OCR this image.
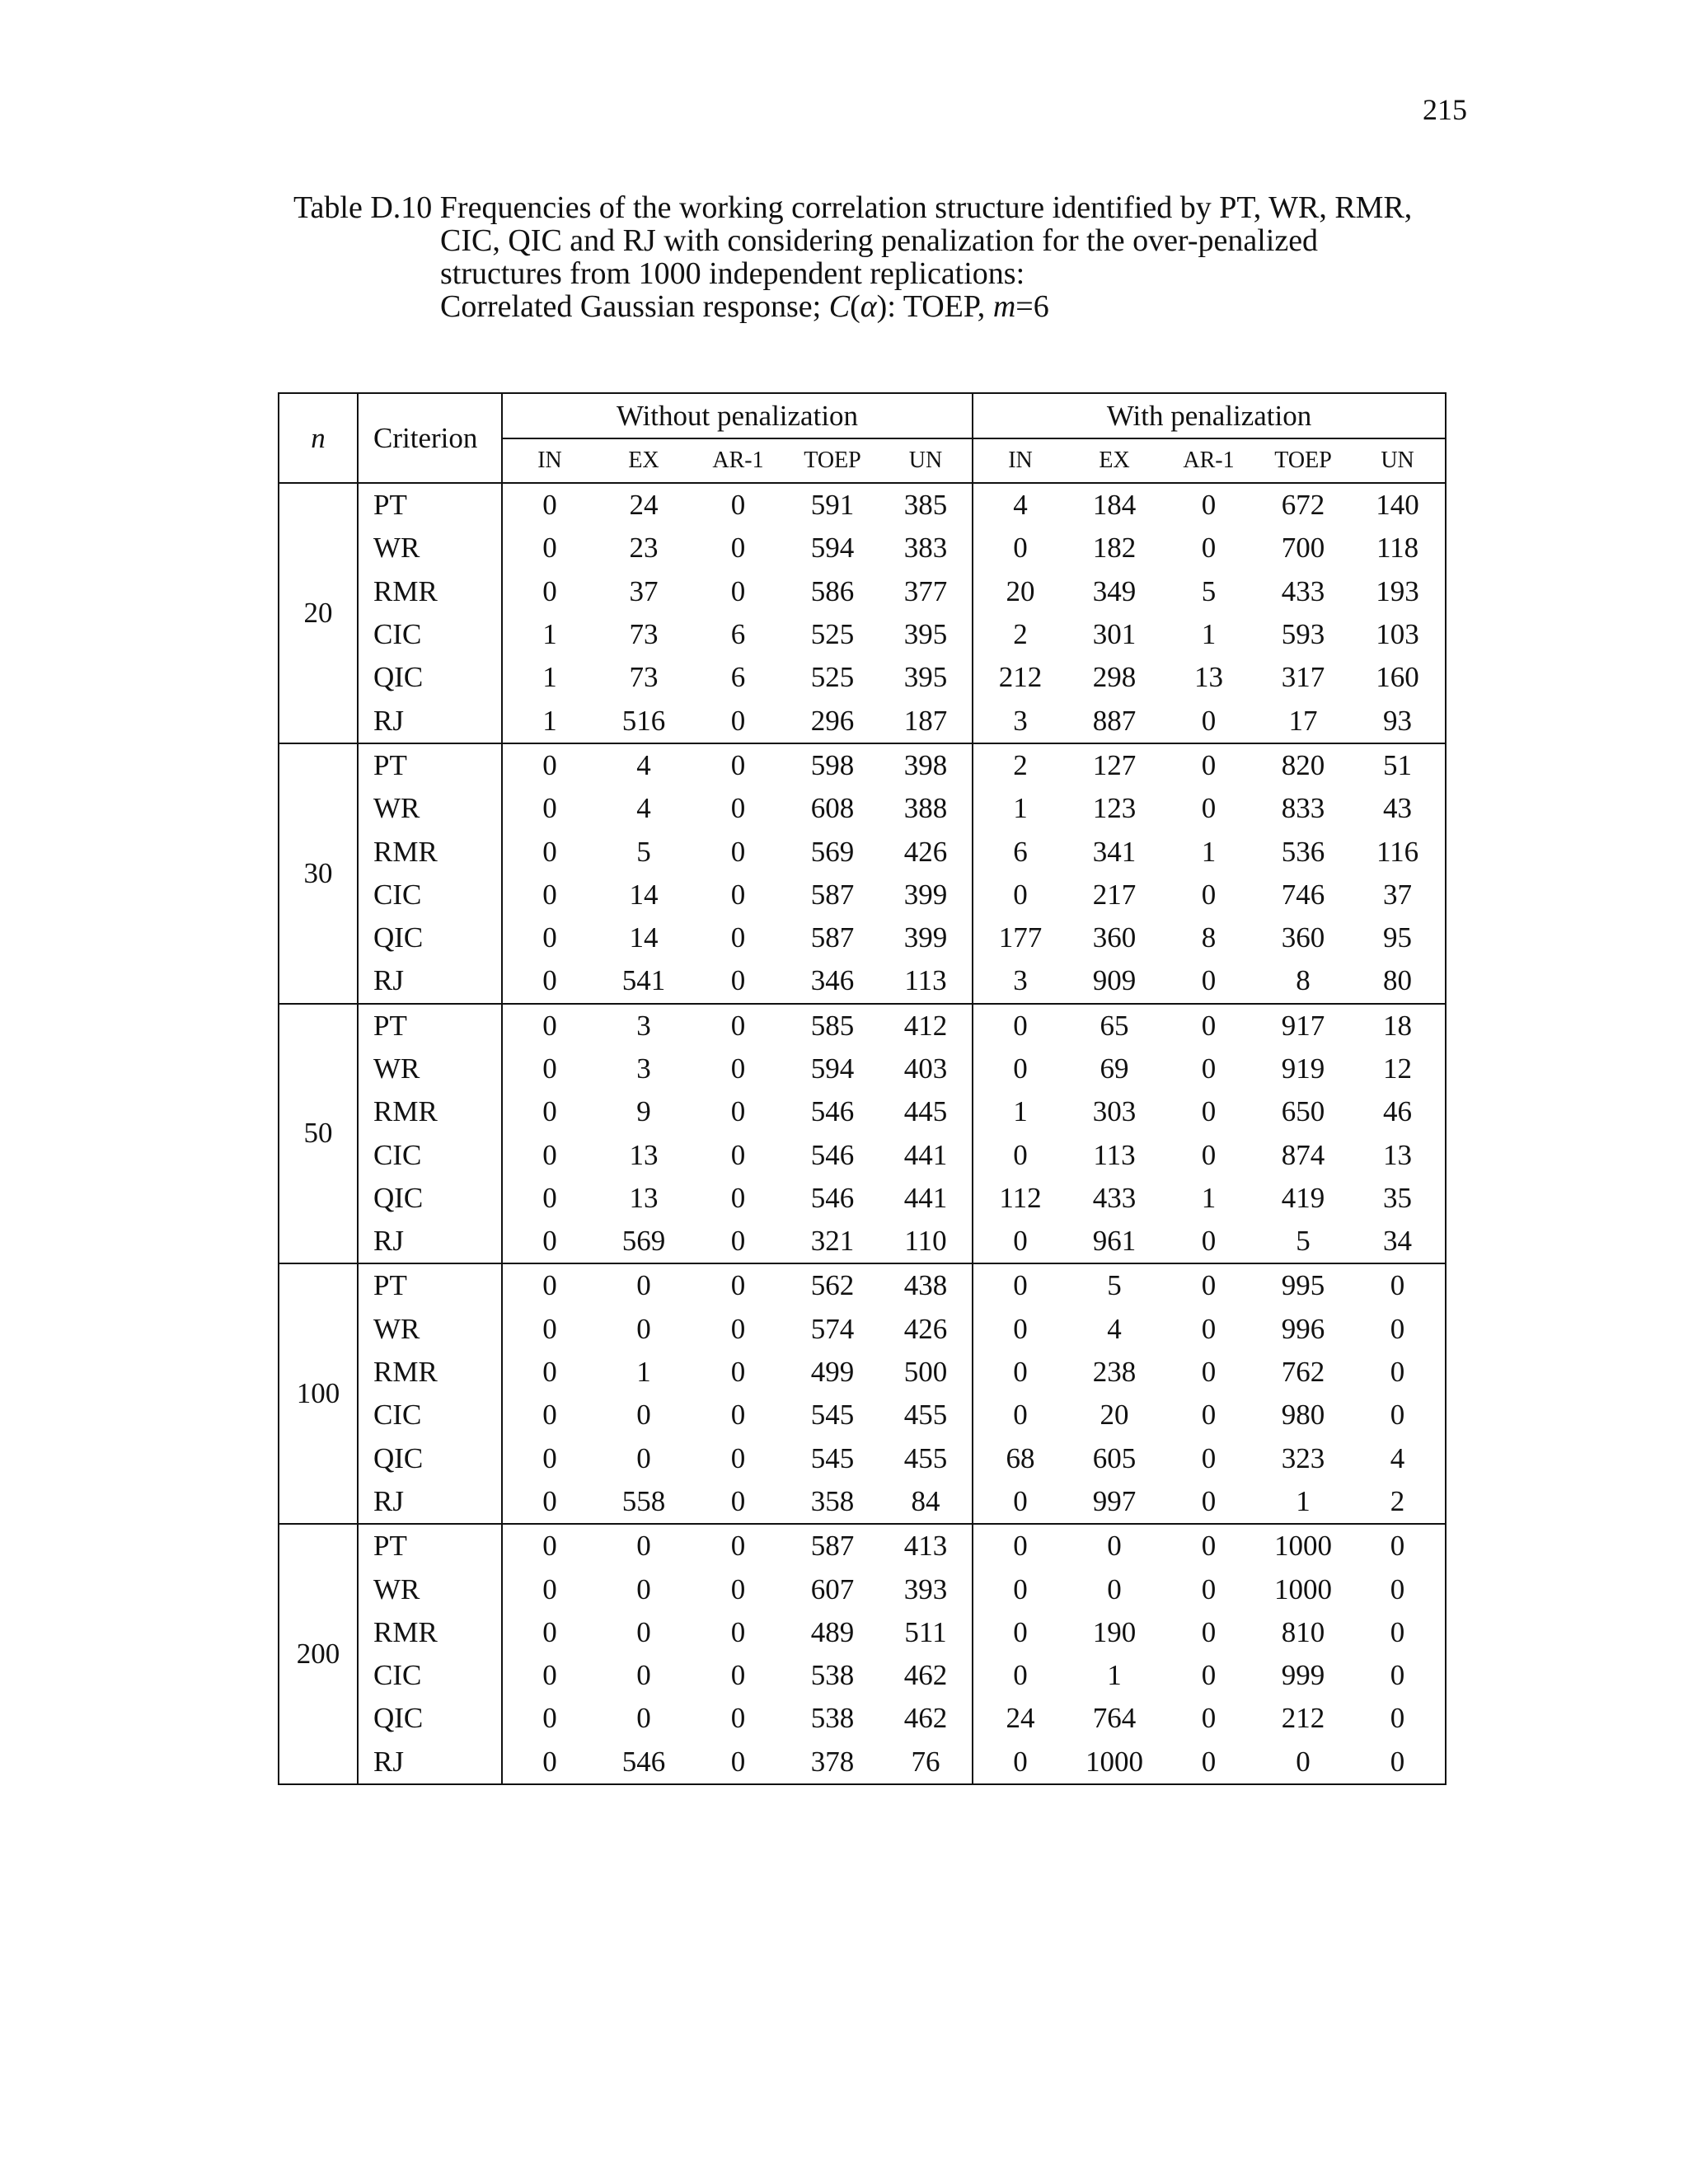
215
Table D.10 Frequencies of the working correlation structure identified by PT, WR, RMR,
CIC, QIC and RJ with considering penalization for the over-penalized
structures from 1000 independent replications:
Correlated Gaussian response; C(α): TOEP, m=6
n	Criterion	Without penalization					With penalization				
		IN	EX	AR-1	TOEP	UN	IN	EX	AR-1	TOEP	UN
20	PT	0	24	0	591	385	4	184	0	672	140
	WR	0	23	0	594	383	0	182	0	700	118
	RMR	0	37	0	586	377	20	349	5	433	193
	CIC	1	73	6	525	395	2	301	1	593	103
	QIC	1	73	6	525	395	212	298	13	317	160
	RJ	1	516	0	296	187	3	887	0	17	93
30	PT	0	4	0	598	398	2	127	0	820	51
	WR	0	4	0	608	388	1	123	0	833	43
	RMR	0	5	0	569	426	6	341	1	536	116
	CIC	0	14	0	587	399	0	217	0	746	37
	QIC	0	14	0	587	399	177	360	8	360	95
	RJ	0	541	0	346	113	3	909	0	8	80
50	PT	0	3	0	585	412	0	65	0	917	18
	WR	0	3	0	594	403	0	69	0	919	12
	RMR	0	9	0	546	445	1	303	0	650	46
	CIC	0	13	0	546	441	0	113	0	874	13
	QIC	0	13	0	546	441	112	433	1	419	35
	RJ	0	569	0	321	110	0	961	0	5	34
100	PT	0	0	0	562	438	0	5	0	995	0
	WR	0	0	0	574	426	0	4	0	996	0
	RMR	0	1	0	499	500	0	238	0	762	0
	CIC	0	0	0	545	455	0	20	0	980	0
	QIC	0	0	0	545	455	68	605	0	323	4
	RJ	0	558	0	358	84	0	997	0	1	2
200	PT	0	0	0	587	413	0	0	0	1000	0
	WR	0	0	0	607	393	0	0	0	1000	0
	RMR	0	0	0	489	511	0	190	0	810	0
	CIC	0	0	0	538	462	0	1	0	999	0
	QIC	0	0	0	538	462	24	764	0	212	0
	RJ	0	546	0	378	76	0	1000	0	0	0
